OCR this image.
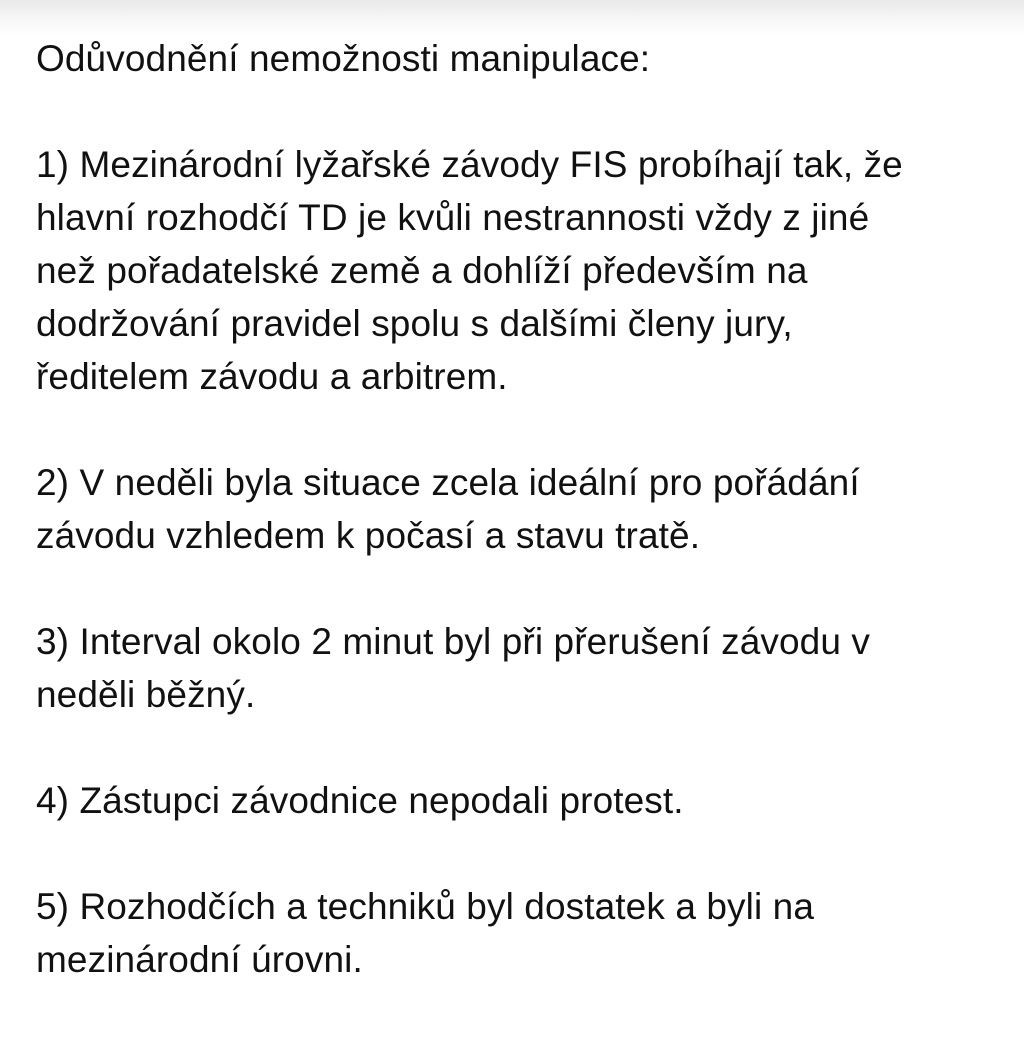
Odůvodnění nemožnosti manipulace:

1) Mezinárodní lyžařské závody FIS probíhají tak, že
hlavní rozhodčí TD je kvůli nestrannosti vždy z jiné
než pořadatelské země a dohlíží především na
dodržování pravidel spolu s dalšími členy jury,
ředitelem závodu a arbitrem.

2) V neděli byla situace zcela ideální pro pořádání
závodu vzhledem k počasí a stavu tratě.

3) Interval okolo 2 minut byl při přerušení závodu v
neděli běžný.

4) Zástupci závodnice nepodali protest.

5) Rozhodčích a techniků byl dostatek a byli na
mezinárodní úrovni.
